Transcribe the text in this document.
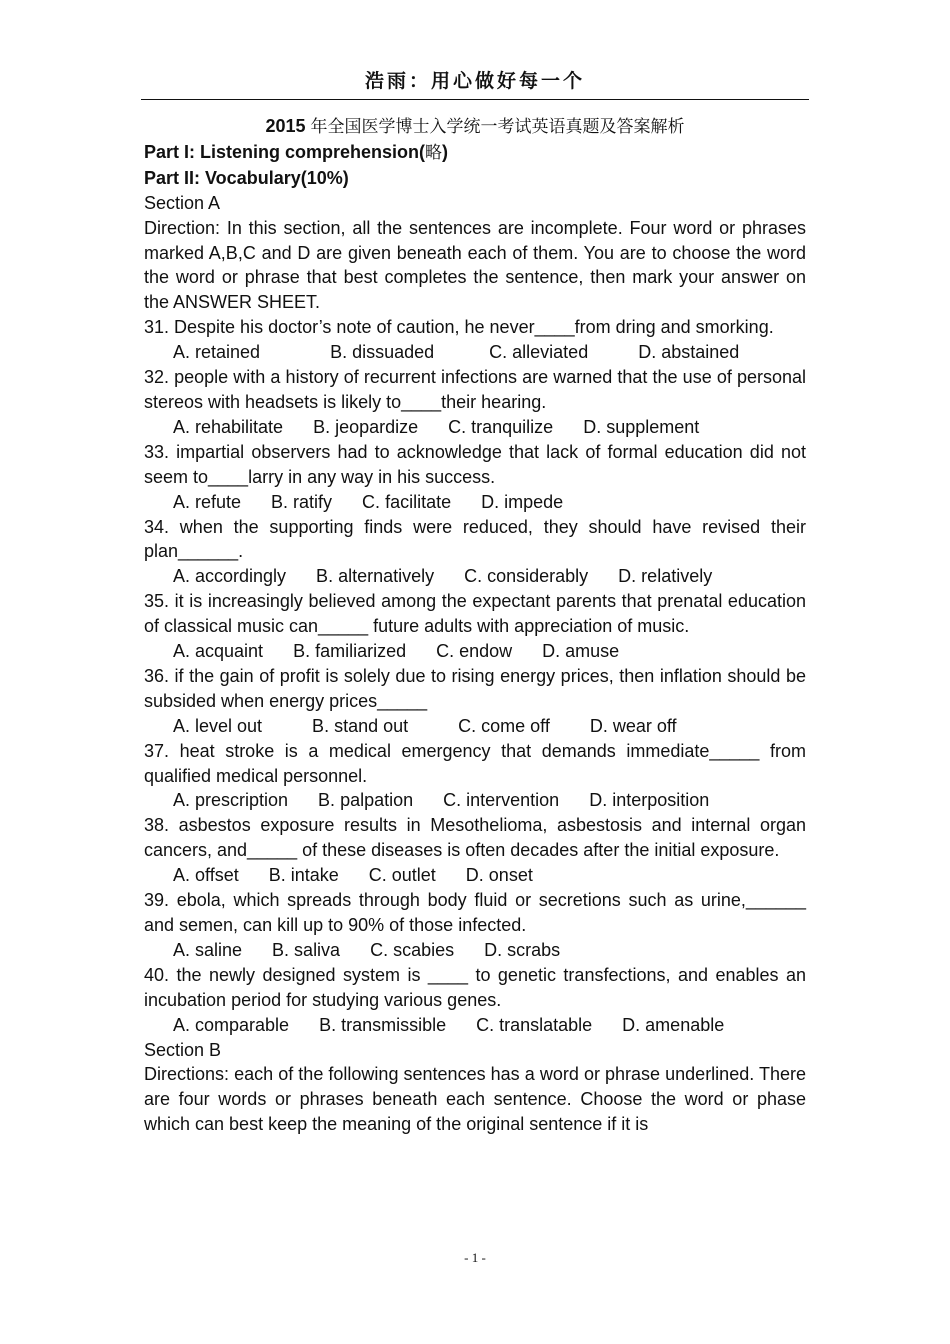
浩雨：用心做好每一个
2015 年全国医学博士入学统一考试英语真题及答案解析
Part I: Listening comprehension(略)
Part II: Vocabulary(10%)
Section A
Direction: In this section, all the sentences are incomplete. Four word or phrases marked A,B,C and D are given beneath each of them. You are to choose the word the word or phrase that best completes the sentence, then mark your answer on the ANSWER SHEET.
31. Despite his doctor’s note of caution, he never____from dring and smorking.
A. retained              B. dissuaded           C. alleviated          D. abstained
32. people with a history of recurrent infections are warned that the use of personal stereos with headsets is likely to____their hearing.
A. rehabilitate      B. jeopardize      C. tranquilize      D. supplement
33. impartial observers had to acknowledge that lack of formal education did not seem to____larry in any way in his success.
A. refute      B. ratify      C. facilitate      D. impede
34. when the supporting finds were reduced, they should have revised their plan______.
A. accordingly      B. alternatively      C. considerably      D. relatively
35. it is increasingly believed among the expectant parents that prenatal education of classical music can_____ future adults with appreciation of music.
A. acquaint      B. familiarized      C. endow      D. amuse
36. if the gain of profit is solely due to rising energy prices, then inflation should be subsided when energy prices_____
A. level out          B. stand out          C. come off        D. wear off
37. heat stroke is a medical emergency that demands immediate_____ from qualified medical personnel.
A. prescription      B. palpation      C. intervention      D. interposition
38. asbestos exposure results in Mesothelioma, asbestosis and internal organ cancers, and_____ of these diseases is often decades after the initial exposure.
A. offset      B. intake      C. outlet      D. onset
39. ebola, which spreads through body fluid or secretions such as urine,______ and semen, can kill up to 90% of those infected.
A. saline      B. saliva      C. scabies      D. scrabs
40. the newly designed system is ____ to genetic transfections, and enables an incubation period for studying various genes.
A. comparable      B. transmissible      C. translatable      D. amenable
Section B
Directions: each of the following sentences has a word or phrase underlined. There are four words or phrases beneath each sentence. Choose the word or phase which can best keep the meaning of the original sentence if it is
- 1 -
